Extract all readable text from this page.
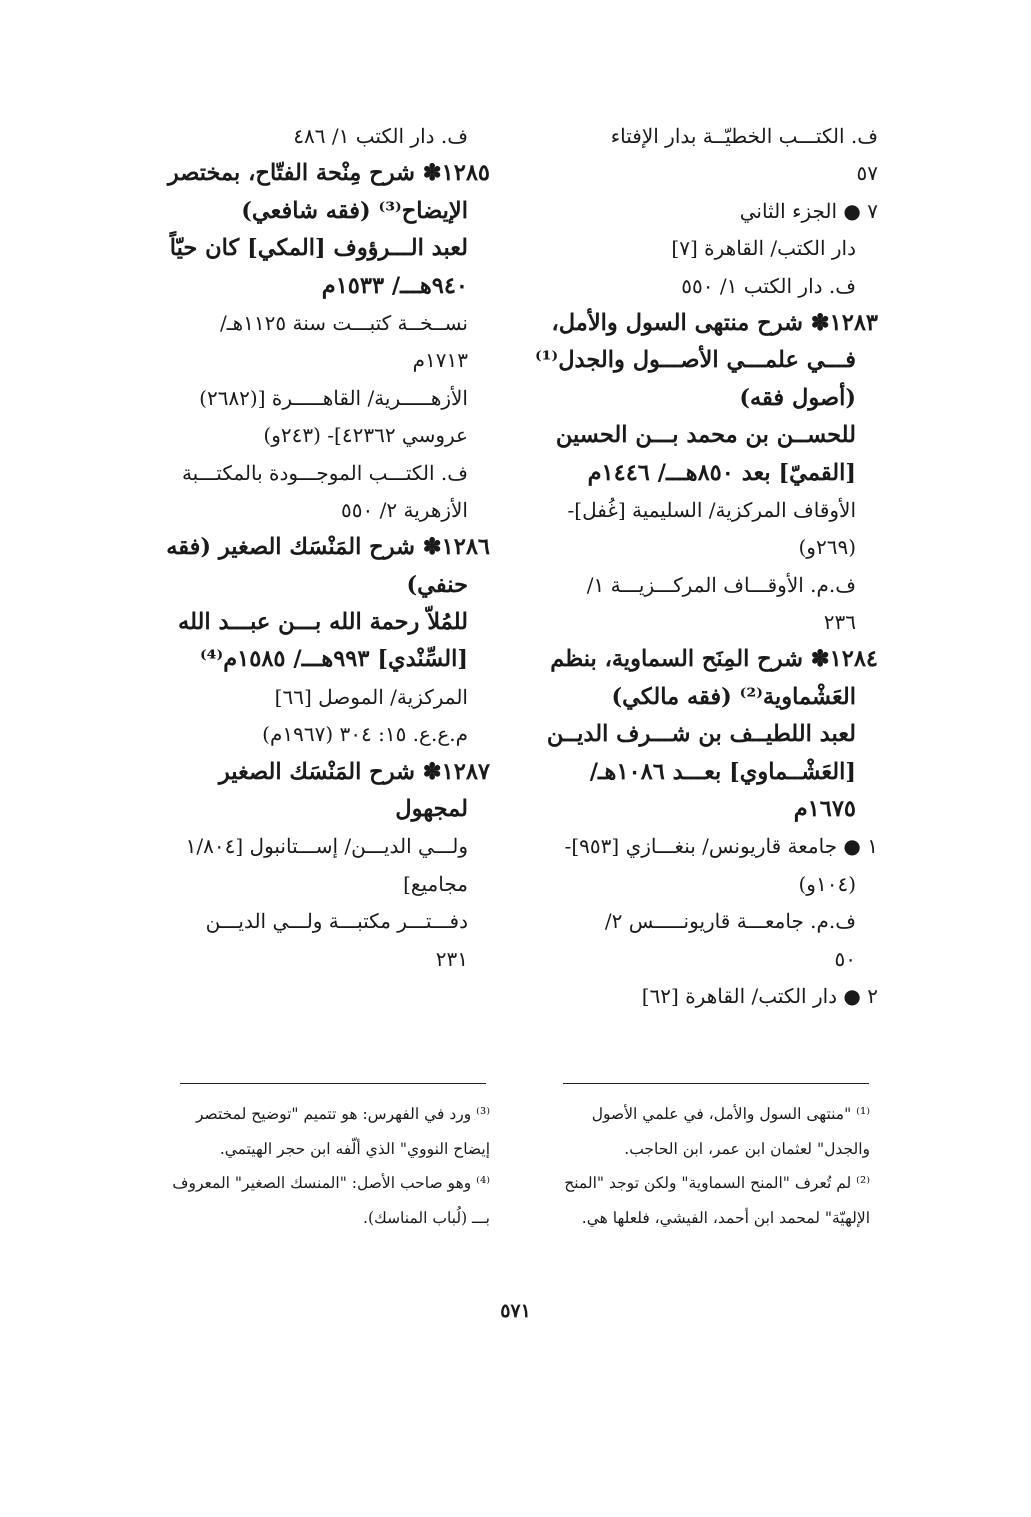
ف. الكتـــب الخطيّــة بدار الإفتاء
٥٧
٧ ● الجزء الثاني
دار الكتب/ القاهرة [٧]
ف. دار الكتب ١/ ٥٥٠
١٢٨٣✽ شرح منتهى السول والأمل،
فـــي علمـــي الأصـــول والجدل⁽¹⁾
(أصول فقه)
للحســن بن محمد بـــن الحسين
[القميّ] بعد ٨٥٠هـــ/ ١٤٤٦م
الأوقاف المركزية/ السليمية [غُفل]-
(٢٦٩و)
ف.م. الأوقـــاف المركـــزيـــة ١/
٢٣٦
١٢٨٤✽ شرح المِنَح السماوية، بنظم
العَشْماوية⁽²⁾ (فقه مالكي)
لعبد اللطيــف بن شـــرف الديــن
[العَشْــماوي] بعـــد ١٠٨٦هـ/
١٦٧٥م
١ ● جامعة قاريونس/ بنغـــازي [٩٥٣]-
(١٠٤و)
ف.م. جامعـــة قاريونـــــس ٢/
٥٠
٢ ● دار الكتب/ القاهرة [٦٢]
ف. دار الكتب ١/ ٤٨٦
١٢٨٥✽ شرح مِنْحة الفتّاح، بمختصر
الإيضاح⁽³⁾ (فقه شافعي)
لعبد الـــرؤوف [المكي] كان حيّاً
٩٤٠هـــ/ ١٥٣٣م
نســخــة كتبـــت سنة ١١٢٥هـ/
١٧١٣م
الأزهـــــرية/ القاهـــــرة [(٢٦٨٢)
عروسي ٤٢٣٦٢]- (٢٤٣و)
ف. الكتـــب الموجـــودة بالمكتـــبة
الأزهرية ٢/ ٥٥٠
١٢٨٦✽ شرح المَنْسَك الصغير (فقه
حنفي)
للمُلاّ رحمة الله بـــن عبـــد الله
[السِّنْدي] ٩٩٣هـــ/ ١٥٨٥م⁽⁴⁾
المركزية/ الموصل [٦٦]
م.ع.ع. ١٥: ٣٠٤ (١٩٦٧م)
١٢٨٧✽ شرح المَنْسَك الصغير
لمجهول
ولـــي الديـــن/ إســـتانبول [١/٨٠٤
مجاميع]
دفـــتـــر مكتبـــة ولـــي الديـــن
٢٣١
⁽¹⁾ "منتهى السول والأمل، في علمي الأصول
والجدل" لعثمان ابن عمر، ابن الحاجب.
⁽²⁾ لم تُعرف "المنح السماوية" ولكن توجد "المنح
الإلهيّة" لمحمد ابن أحمد، الفيشي، فلعلها هي.
⁽³⁾ ورد في الفهرس: هو تتميم "توضيح لمختصر
إيضاح النووي" الذي ألّفه ابن حجر الهيتمي.
⁽⁴⁾ وهو صاحب الأصل: "المنسك الصغير" المعروف
بـــ (لُباب المناسك).
٥٧١
